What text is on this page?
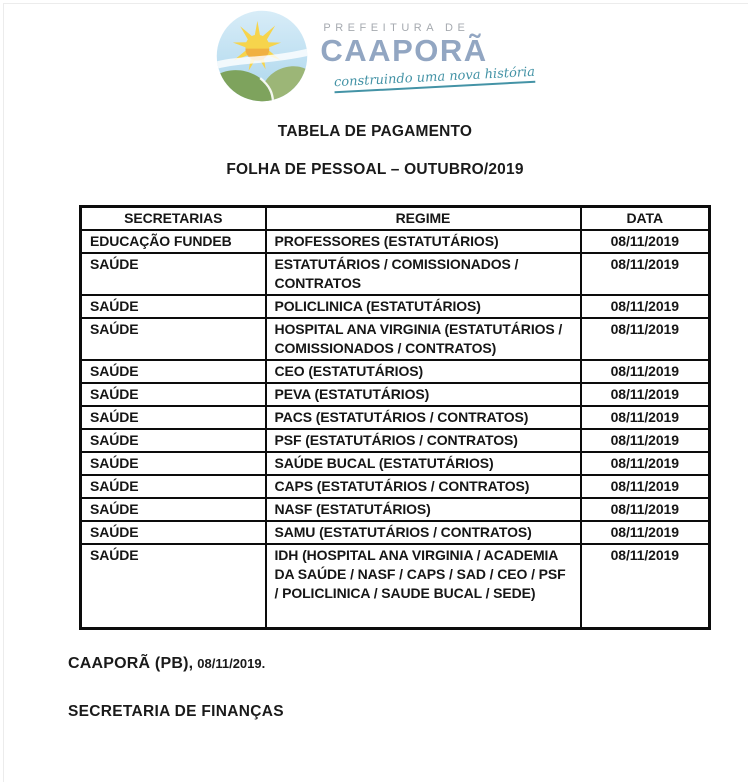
PREFEITURA DE
CAAPORÃ
construindo uma nova história
TABELA DE PAGAMENTO
FOLHA DE PESSOAL – OUTUBRO/2019
SECRETARIAS	REGIME	DATA
EDUCAÇÃO FUNDEB	PROFESSORES (ESTATUTÁRIOS)	08/11/2019
SAÚDE	ESTATUTÁRIOS / COMISSIONADOS / CONTRATOS	08/11/2019
SAÚDE	POLICLINICA (ESTATUTÁRIOS)	08/11/2019
SAÚDE	HOSPITAL ANA VIRGINIA (ESTATUTÁRIOS / COMISSIONADOS / CONTRATOS)	08/11/2019
SAÚDE	CEO (ESTATUTÁRIOS)	08/11/2019
SAÚDE	PEVA (ESTATUTÁRIOS)	08/11/2019
SAÚDE	PACS (ESTATUTÁRIOS / CONTRATOS)	08/11/2019
SAÚDE	PSF (ESTATUTÁRIOS / CONTRATOS)	08/11/2019
SAÚDE	SAÚDE BUCAL (ESTATUTÁRIOS)	08/11/2019
SAÚDE	CAPS (ESTATUTÁRIOS / CONTRATOS)	08/11/2019
SAÚDE	NASF (ESTATUTÁRIOS)	08/11/2019
SAÚDE	SAMU (ESTATUTÁRIOS / CONTRATOS)	08/11/2019
SAÚDE	IDH (HOSPITAL ANA VIRGINIA / ACADEMIA DA SAÚDE / NASF / CAPS / SAD / CEO / PSF / POLICLINICA / SAUDE BUCAL / SEDE)	08/11/2019
CAAPORÃ (PB), 08/11/2019.
SECRETARIA DE FINANÇAS
